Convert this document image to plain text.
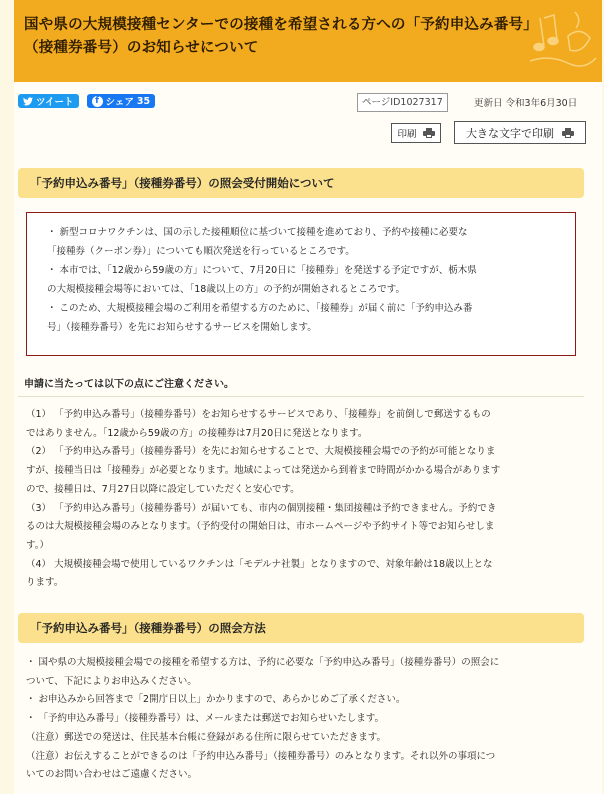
国や県の大規模接種センターでの接種を希望される方への「予約申込み番号」（接種券番号）のお知らせについて
ツイート	f シェア 35	ページID1027317	更新日 令和3年6月30日
印刷	大きな文字で印刷
「予約申込み番号」（接種券番号）の照会受付開始について

・ 新型コロナワクチンは、国の示した接種順位に基づいて接種を進めており、予約や接種に必要な

「接種券（クーポン券）」についても順次発送を行っているところです。

・ 本市では、「12歳から59歳の方」について、7月20日に「接種券」を発送する予定ですが、栃木県

の大規模接種会場等においては、「18歳以上の方」の予約が開始されるところです。

・ このため、大規模接種会場のご利用を希望する方のために、「接種券」が届く前に「予約申込み番

号」（接種券番号）を先にお知らせするサービスを開始します。

申請に当たっては以下の点にご注意ください。

（1） 「予約申込み番号」（接種券番号）をお知らせするサービスであり、「接種券」を前倒しで郵送するもの

ではありません。「12歳から59歳の方」の接種券は7月20日に発送となります。

（2） 「予約申込み番号」（接種券番号）を先にお知らせすることで、大規模接種会場での予約が可能となりま

すが、接種当日は「接種券」が必要となります。地域によっては発送から到着まで時間がかかる場合があります

ので、接種日は、7月27日以降に設定していただくと安心です。

（3） 「予約申込み番号」（接種券番号）が届いても、市内の個別接種・集団接種は予約できません。予約でき

るのは大規模接種会場のみとなります。（予約受付の開始日は、市ホームページや予約サイト等でお知らせしま

す。）

（4） 大規模接種会場で使用しているワクチンは「モデルナ社製」となりますので、対象年齢は18歳以上とな

ります。

「予約申込み番号」（接種券番号）の照会方法

・ 国や県の大規模接種会場での接種を希望する方は、予約に必要な「予約申込み番号」（接種券番号）の照会に

ついて、下記によりお申込みください。

・ お申込みから回答まで「2開庁日以上」かかりますので、あらかじめご了承ください。

・ 「予約申込み番号」（接種券番号）は、メールまたは郵送でお知らせいたします。

（注意）郵送での発送は、住民基本台帳に登録がある住所に限らせていただきます。

（注意）お伝えすることができるのは「予約申込み番号」（接種券番号）のみとなります。それ以外の事項につ

いてのお問い合わせはご遠慮ください。
